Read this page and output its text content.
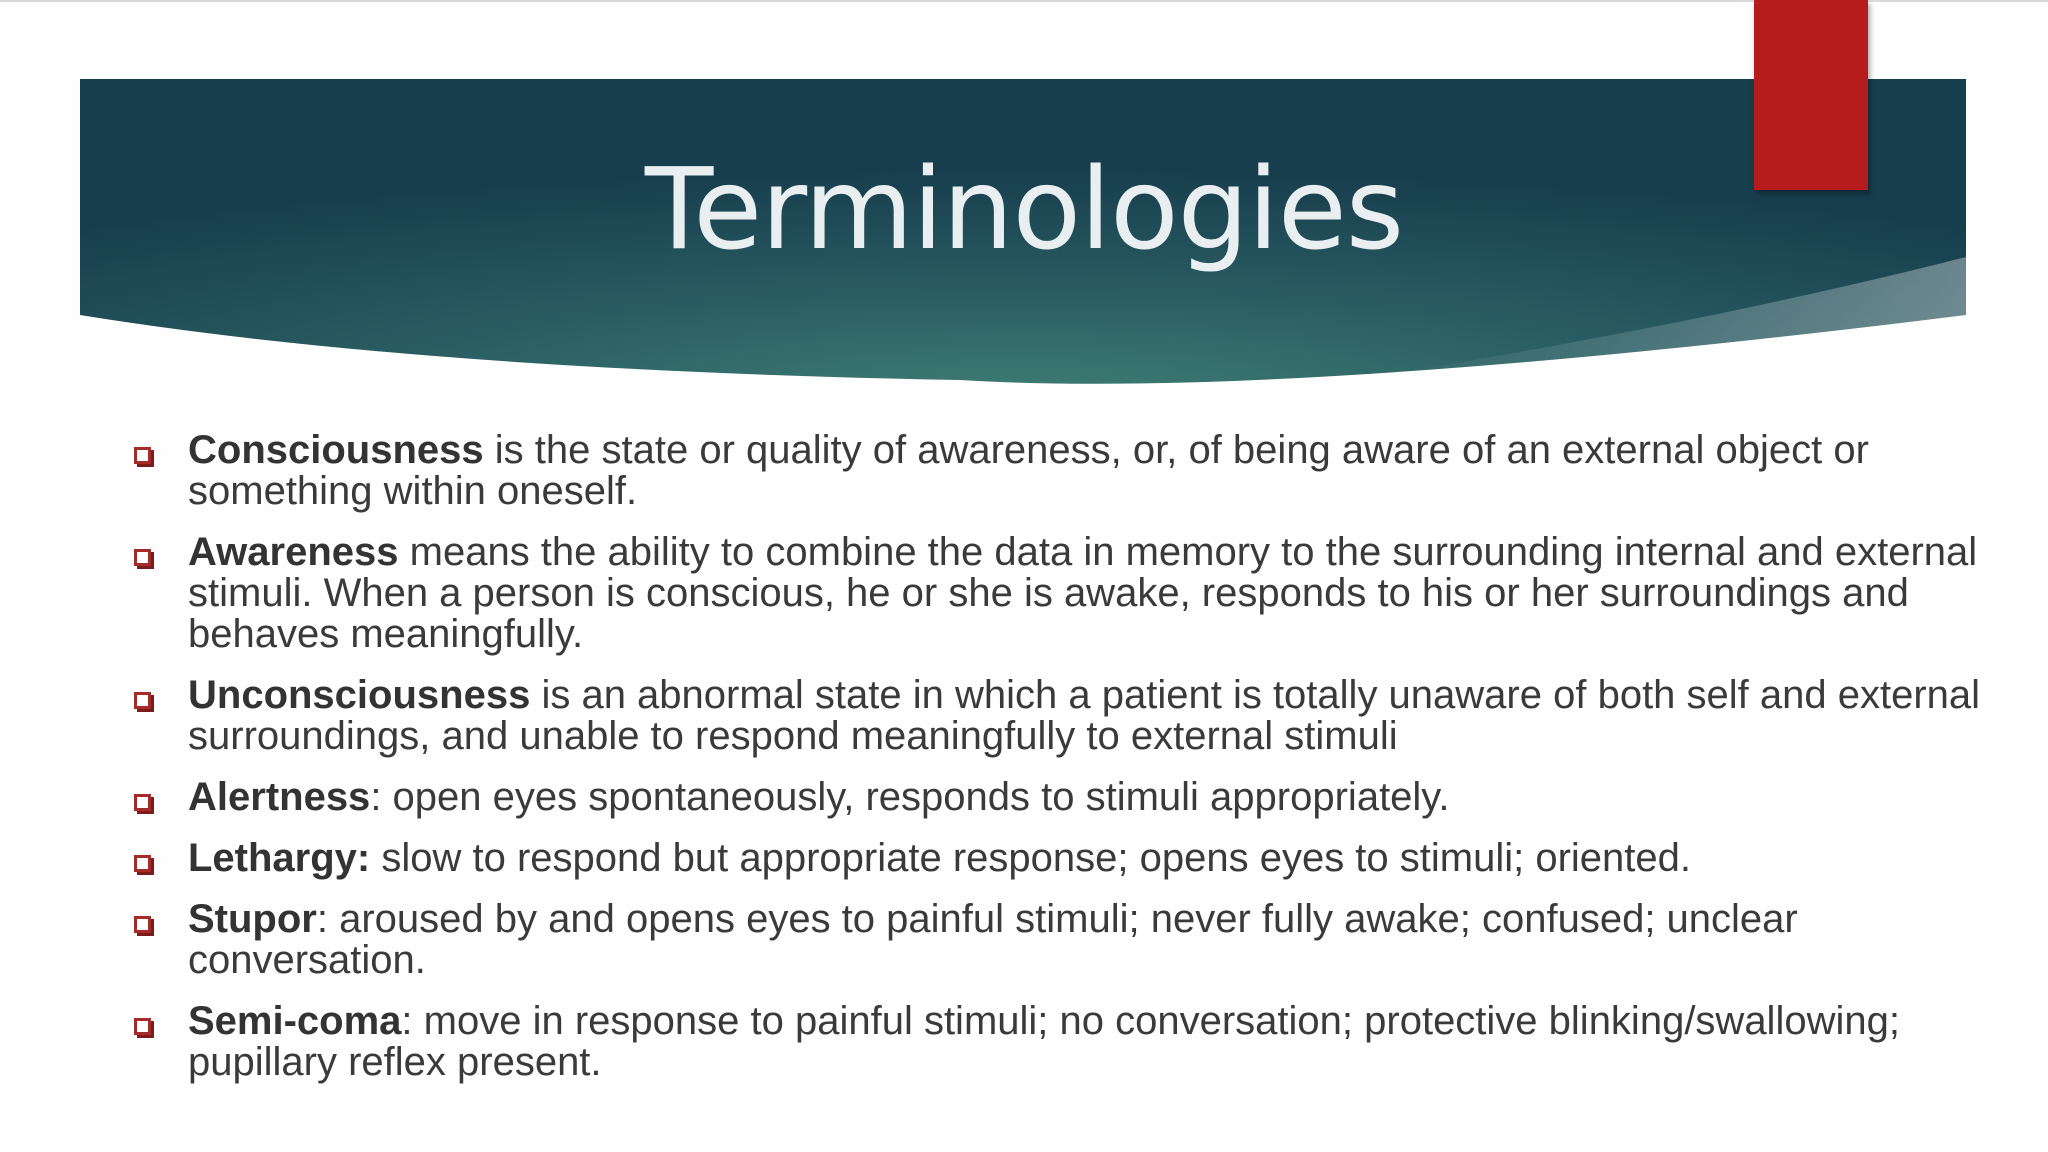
Terminologies
Consciousness is the state or quality of awareness, or, of being aware of an external object or something within oneself.
Awareness means the ability to combine the data in memory to the surrounding internal and external stimuli. When a person is conscious, he or she is awake, responds to his or her surroundings and behaves meaningfully.
Unconsciousness is an abnormal state in which a patient is totally unaware of both self and external surroundings, and unable to respond meaningfully to external stimuli
Alertness: open eyes spontaneously, responds to stimuli appropriately.
Lethargy: slow to respond but appropriate response; opens eyes to stimuli; oriented.
Stupor: aroused by and opens eyes to painful stimuli; never fully awake; confused; unclear conversation.
Semi-coma: move in response to painful stimuli; no conversation; protective blinking/swallowing; pupillary reflex present.
